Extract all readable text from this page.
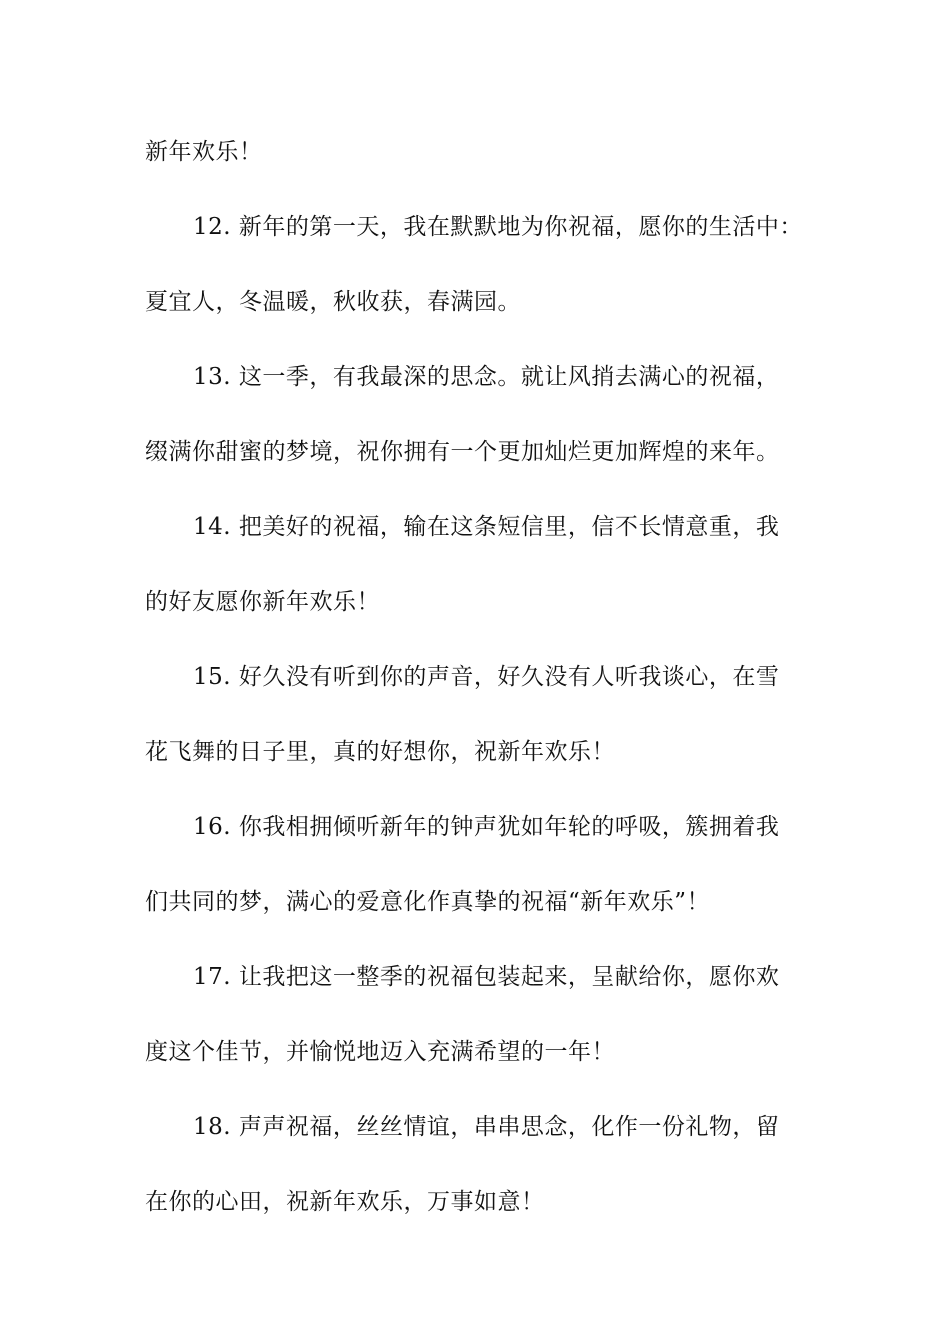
新年欢乐！
12. 新年的第一天，我在默默地为你祝福，愿你的生活中：
夏宜人，冬温暖，秋收获，春满园。
13. 这一季，有我最深的思念。就让风捎去满心的祝福，
缀满你甜蜜的梦境，祝你拥有一个更加灿烂更加辉煌的来年。
14. 把美好的祝福，输在这条短信里，信不长情意重，我
的好友愿你新年欢乐！
15. 好久没有听到你的声音，好久没有人听我谈心，在雪
花飞舞的日子里，真的好想你，祝新年欢乐！
16. 你我相拥倾听新年的钟声犹如年轮的呼吸，簇拥着我
们共同的梦，满心的爱意化作真挚的祝福“新年欢乐”！
17. 让我把这一整季的祝福包装起来，呈献给你，愿你欢
度这个佳节，并愉悦地迈入充满希望的一年！
18. 声声祝福，丝丝情谊，串串思念，化作一份礼物，留
在你的心田，祝新年欢乐，万事如意！
